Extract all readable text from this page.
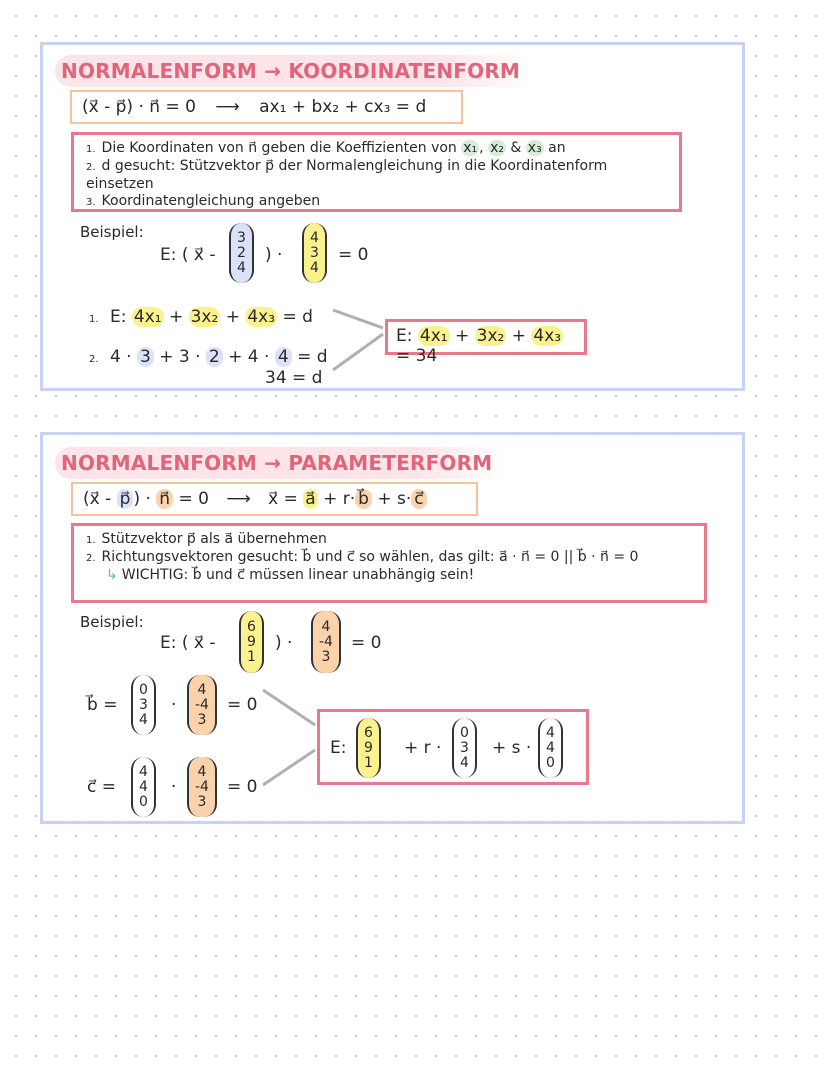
NORMALENFORM → KOORDINATENFORM
(x⃗ - p⃗) · n⃗ = 0 ⟶ ax₁ + bx₂ + cx₃ = d
1. Die Koordinaten von n⃗ geben die Koeffizienten von x₁ , x₂ & x₃ an
2. d gesucht: Stützvektor p⃗ der Normalengleichung in die Koordinatenform einsetzen
3. Koordinatengleichung angeben
Beispiel:
E: ( x⃗ -
3
2
4
) ·
4
3
4
= 0
1. E: 4x₁ + 3x₂ + 4x₃ = d
2. 4 · 3 + 3 · 2 + 4 · 4 = d
34 = d
E: 4x₁ + 3x₂ + 4x₃ = 34
NORMALENFORM → PARAMETERFORM
(x⃗ - p⃗ ) · n⃗ = 0 ⟶ x⃗ = a⃗ + r· b⃗ + s· c⃗
1. Stützvektor p⃗ als a⃗ übernehmen
2. Richtungsvektoren gesucht: b⃗ und c⃗ so wählen, das gilt: a⃗ · n⃗ = 0 || b⃗ · n⃗ = 0
↳ WICHTIG: b⃗ und c⃗ müssen linear unabhängig sein!
Beispiel:
E: ( x⃗ -
6
9
1
) ·
4
-4
3
= 0
b⃗ =
0
3
4
·
4
-4
3
= 0
c⃗ =
4
4
0
·
4
-4
3
= 0
E:
6
9
1
+ r ·
0
3
4
+ s ·
4
4
0
